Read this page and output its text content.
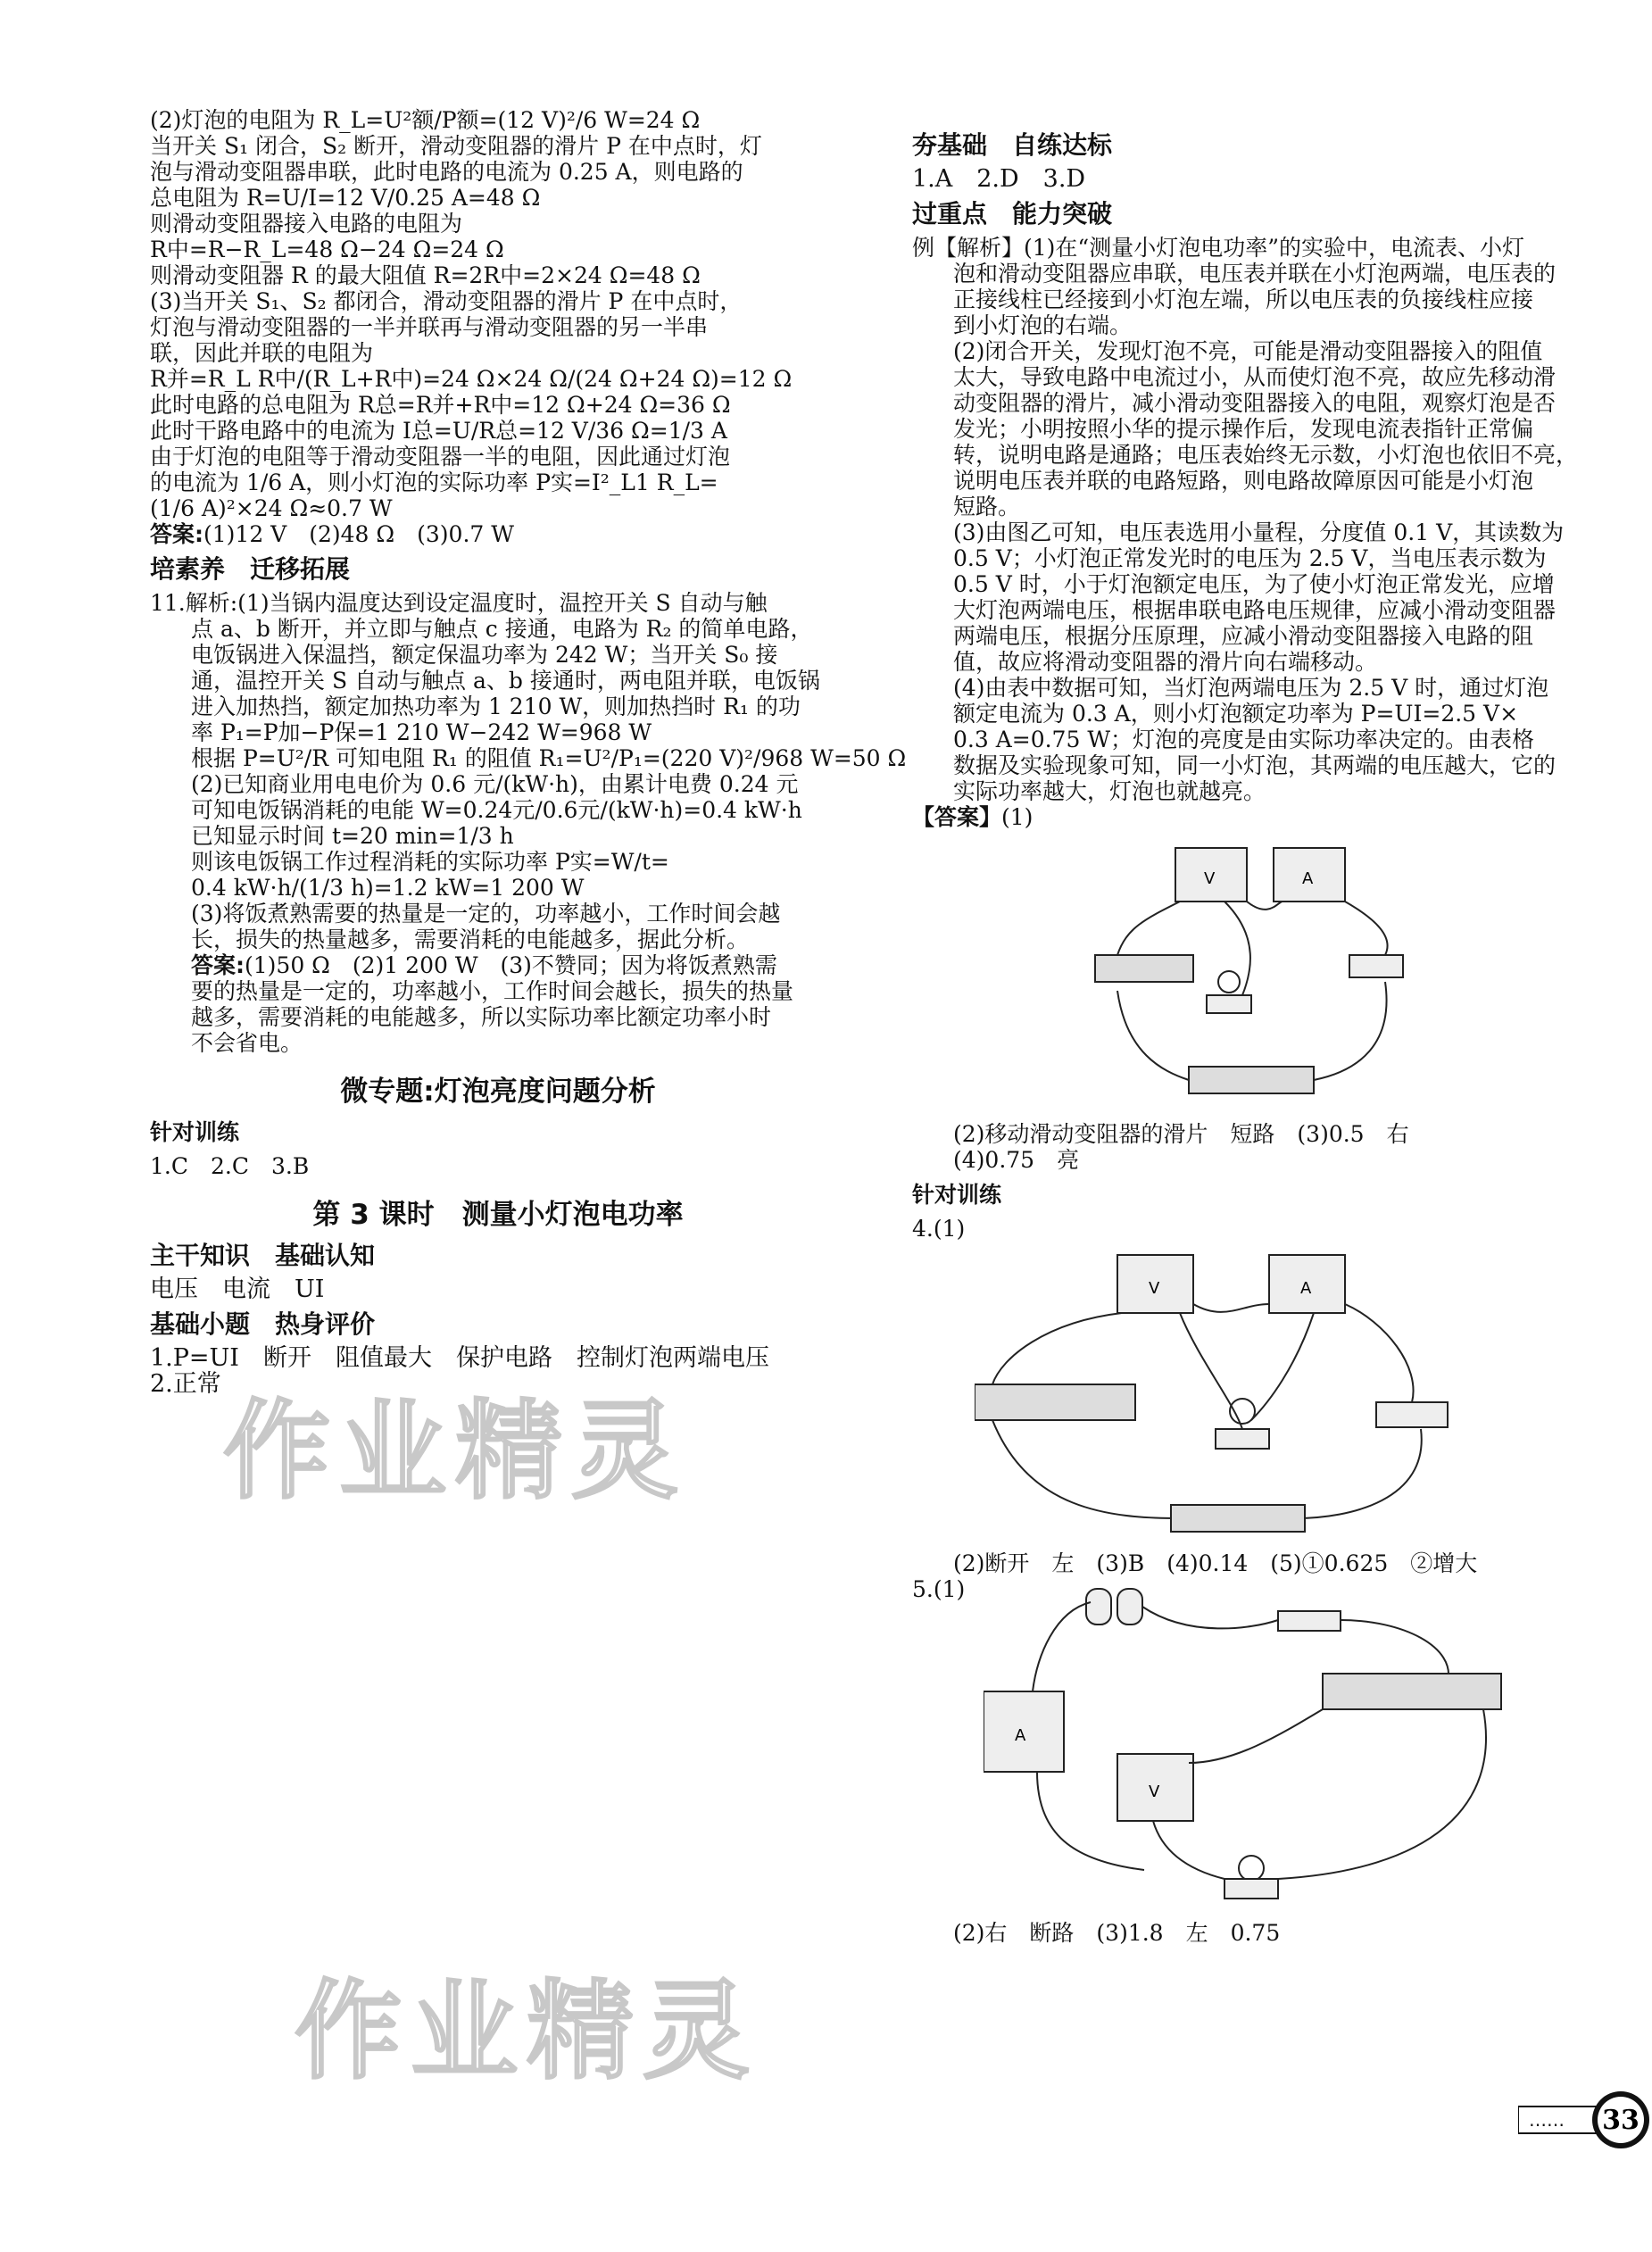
(2)灯泡的电阻为 R_L=U²额/P额=(12 V)²/6 W=24 Ω

当开关 S₁ 闭合，S₂ 断开，滑动变阻器的滑片 P 在中点时，灯

泡与滑动变阻器串联，此时电路的电流为 0.25 A，则电路的

总电阻为 R=U/I=12 V/0.25 A=48 Ω

则滑动变阻器接入电路的电阻为

R中=R−R_L=48 Ω−24 Ω=24 Ω

则滑动变阻器 R 的最大阻值 R=2R中=2×24 Ω=48 Ω

(3)当开关 S₁、S₂ 都闭合，滑动变阻器的滑片 P 在中点时，

灯泡与滑动变阻器的一半并联再与滑动变阻器的另一半串

联，因此并联的电阻为

R并=R_L R中/(R_L+R中)=24 Ω×24 Ω/(24 Ω+24 Ω)=12 Ω

此时电路的总电阻为 R总=R并+R中=12 Ω+24 Ω=36 Ω

此时干路电路中的电流为 I总=U/R总=12 V/36 Ω=1/3 A

由于灯泡的电阻等于滑动变阻器一半的电阻，因此通过灯泡

的电流为 1/6 A，则小灯泡的实际功率 P实=I²_L1 R_L=

(1/6 A)²×24 Ω≈0.7 W

答案:(1)12 V　(2)48 Ω　(3)0.7 W

培素养　迁移拓展

11.解析:(1)当锅内温度达到设定温度时，温控开关 S 自动与触

点 a、b 断开，并立即与触点 c 接通，电路为 R₂ 的简单电路，

电饭锅进入保温挡，额定保温功率为 242 W；当开关 S₀ 接

通，温控开关 S 自动与触点 a、b 接通时，两电阻并联，电饭锅

进入加热挡，额定加热功率为 1 210 W，则加热挡时 R₁ 的功

率 P₁=P加−P保=1 210 W−242 W=968 W

根据 P=U²/R 可知电阻 R₁ 的阻值 R₁=U²/P₁=(220 V)²/968 W=50 Ω

(2)已知商业用电电价为 0.6 元/(kW·h)，由累计电费 0.24 元

可知电饭锅消耗的电能 W=0.24元/0.6元/(kW·h)=0.4 kW·h

已知显示时间 t=20 min=1/3 h

则该电饭锅工作过程消耗的实际功率 P实=W/t=

0.4 kW·h/(1/3 h)=1.2 kW=1 200 W

(3)将饭煮熟需要的热量是一定的，功率越小，工作时间会越

长，损失的热量越多，需要消耗的电能越多，据此分析。

答案:(1)50 Ω　(2)1 200 W　(3)不赞同；因为将饭煮熟需

要的热量是一定的，功率越小，工作时间会越长，损失的热量

越多，需要消耗的电能越多，所以实际功率比额定功率小时

不会省电。

微专题:灯泡亮度问题分析
针对训练

1.C　2.C　3.B

第 3 课时　测量小灯泡电功率
主干知识　基础认知

电压　电流　UI

基础小题　热身评价

1.P=UI　断开　阻值最大　保护电路　控制灯泡两端电压

2.正常

夯基础　自练达标

1.A　2.D　3.D

过重点　能力突破

例【解析】(1)在“测量小灯泡电功率”的实验中，电流表、小灯

泡和滑动变阻器应串联，电压表并联在小灯泡两端，电压表的

正接线柱已经接到小灯泡左端，所以电压表的负接线柱应接

到小灯泡的右端。

(2)闭合开关，发现灯泡不亮，可能是滑动变阻器接入的阻值

太大，导致电路中电流过小，从而使灯泡不亮，故应先移动滑

动变阻器的滑片，减小滑动变阻器接入的电阻，观察灯泡是否

发光；小明按照小华的提示操作后，发现电流表指针正常偏

转，说明电路是通路；电压表始终无示数，小灯泡也依旧不亮，

说明电压表并联的电路短路，则电路故障原因可能是小灯泡

短路。

(3)由图乙可知，电压表选用小量程，分度值 0.1 V，其读数为

0.5 V；小灯泡正常发光时的电压为 2.5 V，当电压表示数为

0.5 V 时，小于灯泡额定电压，为了使小灯泡正常发光，应增

大灯泡两端电压，根据串联电路电压规律，应减小滑动变阻器

两端电压，根据分压原理，应减小滑动变阻器接入电路的阻

值，故应将滑动变阻器的滑片向右端移动。

(4)由表中数据可知，当灯泡两端电压为 2.5 V 时，通过灯泡

额定电流为 0.3 A，则小灯泡额定功率为 P=UI=2.5 V×

0.3 A=0.75 W；灯泡的亮度是由实际功率决定的。由表格

数据及实验现象可知，同一小灯泡，其两端的电压越大，它的

实际功率越大，灯泡也就越亮。

【答案】(1)

V	A

(2)移动滑动变阻器的滑片　短路　(3)0.5　右

(4)0.75　亮

针对训练

4.(1)

V	A

(2)断开　左　(3)B　(4)0.14　(5)①0.625　②增大

5.(1)

A
V

(2)右　断路　(3)1.8　左　0.75

作业精灵
作业精灵
33
……
